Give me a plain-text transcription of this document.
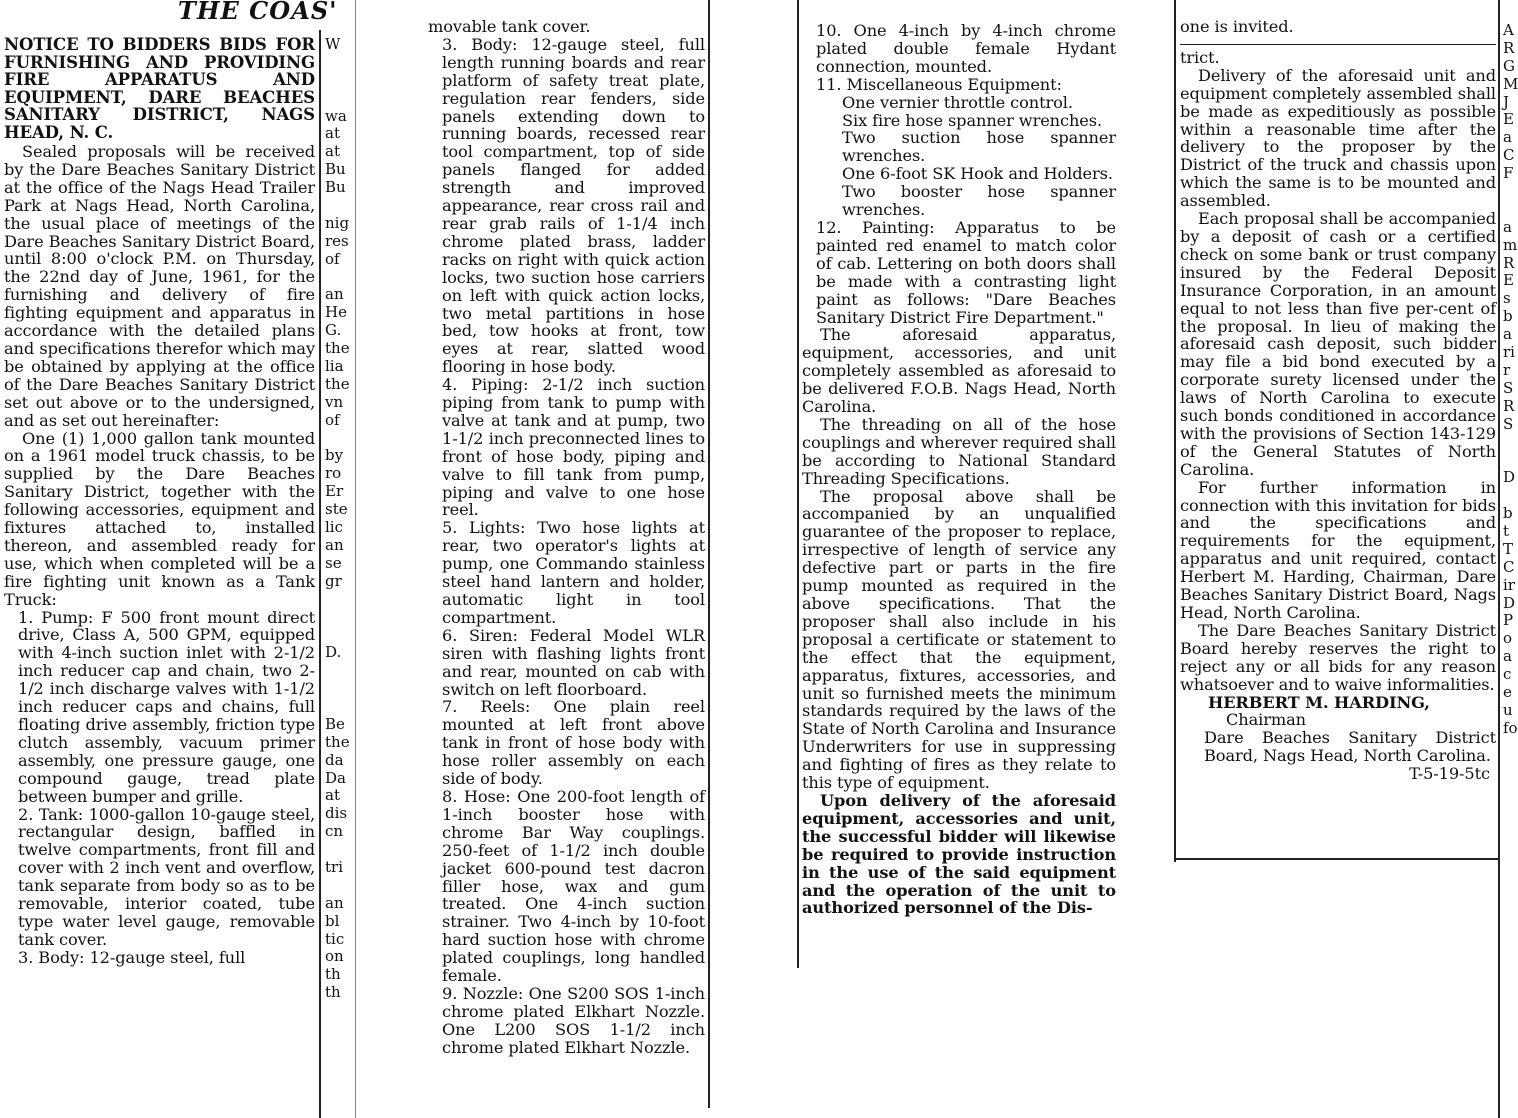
THE COAS'
NOTICE TO BIDDERS BIDS FOR FURNISHING AND PROVIDING FIRE APPARATUS AND EQUIPMENT, DARE BEACHES SANITARY DISTRICT, NAGS HEAD, N. C.

Sealed proposals will be received by the Dare Beaches Sanitary District at the office of the Nags Head Trailer Park at Nags Head, North Carolina, the usual place of meetings of the Dare Beaches Sanitary District Board, until 8:00 o'clock P.M. on Thursday, the 22nd day of June, 1961, for the furnishing and delivery of fire fighting equipment and apparatus in accordance with the detailed plans and specifications therefor which may be obtained by applying at the office of the Dare Beaches Sanitary District set out above or to the undersigned, and as set out hereinafter:

One (1) 1,000 gallon tank mounted on a 1961 model truck chassis, to be supplied by the Dare Beaches Sanitary District, together with the following accessories, equipment and fixtures attached to, installed thereon, and assembled ready for use, which when completed will be a fire fighting unit known as a Tank Truck:

1. Pump: F 500 front mount direct drive, Class A, 500 GPM, equipped with 4-inch suction inlet with 2-1/2 inch reducer cap and chain, two 2-1/2 inch discharge valves with 1-1/2 inch reducer caps and chains, full floating drive assembly, friction type clutch assembly, vacuum primer assembly, one pressure gauge, one compound gauge, tread plate between bumper and grille.

2. Tank: 1000-gallon 10-gauge steel, rectangular design, baffled in twelve compartments, front fill and cover with 2 inch vent and overflow, tank separate from body so as to be removable, interior coated, tube type water level gauge, removable tank cover.

3. Body: 12-gauge steel, full

W
wa
at
at
Bu
Bu
nig
res
of
an
He
G.
the
lia
the
vn
of
by
ro
Er
ste
lic
an
se
gr
D.
Be
the
da
Da
at
dis
cn
tri
an
bl
tic
on
th
th

movable tank cover.

3. Body: 12-gauge steel, full length running boards and rear platform of safety treat plate, regulation rear fenders, side panels extending down to running boards, recessed rear tool compartment, top of side panels flanged for added strength and improved appearance, rear cross rail and rear grab rails of 1-1/4 inch chrome plated brass, ladder racks on right with quick action locks, two suction hose carriers on left with quick action locks, two metal partitions in hose bed, tow hooks at front, tow eyes at rear, slatted wood flooring in hose body.

4. Piping: 2-1/2 inch suction piping from tank to pump with valve at tank and at pump, two 1-1/2 inch preconnected lines to front of hose body, piping and valve to fill tank from pump, piping and valve to one hose reel.

5. Lights: Two hose lights at rear, two operator's lights at pump, one Commando stainless steel hand lantern and holder, automatic light in tool compartment.

6. Siren: Federal Model WLR siren with flashing lights front and rear, mounted on cab with switch on left floorboard.

7. Reels: One plain reel mounted at left front above tank in front of hose body with hose roller assembly on each side of body.

8. Hose: One 200-foot length of 1-inch booster hose with chrome Bar Way couplings. 250-feet of 1-1/2 inch double jacket 600-pound test dacron filler hose, wax and gum treated. One 4-inch suction strainer. Two 4-inch by 10-foot hard suction hose with chrome plated couplings, long handled female.

9. Nozzle: One S200 SOS 1-inch chrome plated Elkhart Nozzle. One L200 SOS 1-1/2 inch chrome plated Elkhart Nozzle.

10. One 4-inch by 4-inch chrome plated double female Hydant connection, mounted.

11. Miscellaneous Equipment:

One vernier throttle control.

Six fire hose spanner wrenches.

Two suction hose spanner wrenches.

One 6-foot SK Hook and Holders.

Two booster hose spanner wrenches.

12. Painting: Apparatus to be painted red enamel to match color of cab. Lettering on both doors shall be made with a contrasting light paint as follows: "Dare Beaches Sanitary District Fire Department."

The aforesaid apparatus, equipment, accessories, and unit completely assembled as aforesaid to be delivered F.O.B. Nags Head, North Carolina.

The threading on all of the hose couplings and wherever required shall be according to National Standard Threading Specifications.

The proposal above shall be accompanied by an unqualified guarantee of the proposer to replace, irrespective of length of service any defective part or parts in the fire pump mounted as required in the above specifications. That the proposer shall also include in his proposal a certificate or statement to the effect that the equipment, apparatus, fixtures, accessories, and unit so furnished meets the minimum standards required by the laws of the State of North Carolina and Insurance Underwriters for use in suppressing and fighting of fires as they relate to this type of equipment.

Upon delivery of the aforesaid equipment, accessories and unit, the successful bidder will likewise be required to provide instruction in the use of the said equipment and the operation of the unit to authorized personnel of the Dis-

one is invited.

trict.

Delivery of the aforesaid unit and equipment completely assembled shall be made as expeditiously as possible within a reasonable time after the delivery to the proposer by the District of the truck and chassis upon which the same is to be mounted and assembled.

Each proposal shall be accompanied by a deposit of cash or a certified check on some bank or trust company insured by the Federal Deposit Insurance Corporation, in an amount equal to not less than five per-cent of the proposal. In lieu of making the aforesaid cash deposit, such bidder may file a bid bond executed by a corporate surety licensed under the laws of North Carolina to execute such bonds conditioned in accordance with the provisions of Section 143-129 of the General Statutes of North Carolina.

For further information in connection with this invitation for bids and the specifications and requirements for the equipment, apparatus and unit required, contact Herbert M. Harding, Chairman, Dare Beaches Sanitary District Board, Nags Head, North Carolina.

The Dare Beaches Sanitary District Board hereby reserves the right to reject any or all bids for any reason whatsoever and to waive informalities.

HERBERT M. HARDING,
Chairman
Dare Beaches Sanitary District Board, Nags Head, North Carolina.
T-5-19-5tc
A
R
G
M
J
E
a
C
F
a
m
R
E
s
b
a
ri
r
S
R
S
D
b
t
T
C
ir
D
P
o
a
c
e
u
fo
